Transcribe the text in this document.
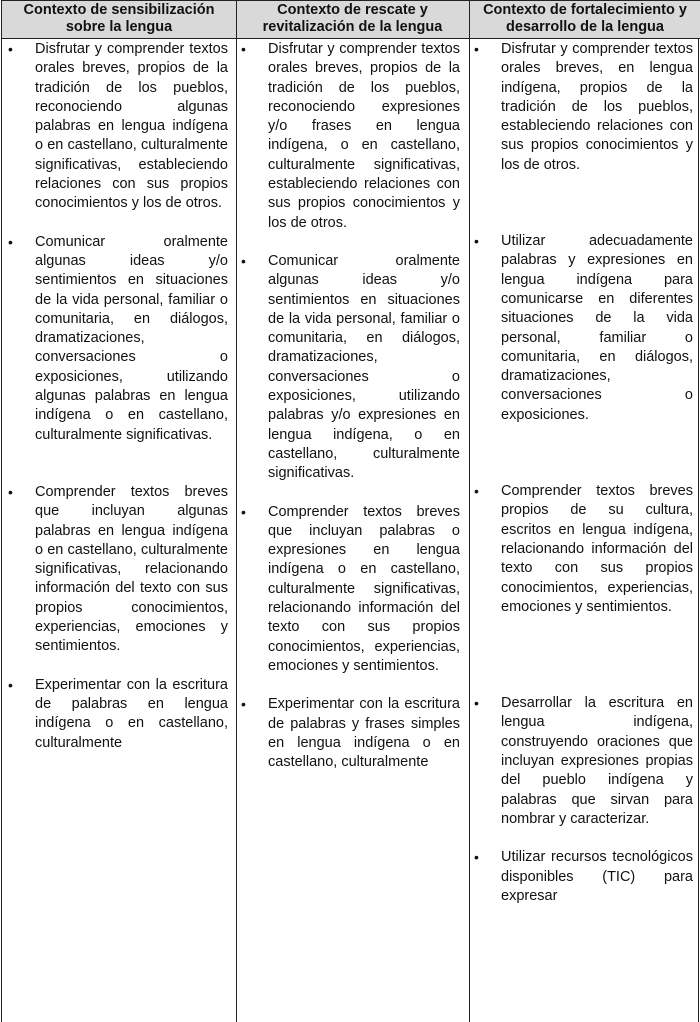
Contexto de sensibilización sobre la lengua
Contexto de rescate y revitalización de la lengua
Contexto de fortalecimiento y desarrollo de la lengua
• Disfrutar y comprender textos orales breves, propios de la tradición de los pueblos, reconociendo algunas palabras en lengua indígena o en castellano, culturalmente significativas, estableciendo relaciones con sus propios conocimientos y los de otros.
• Comunicar oralmente algunas ideas y/o sentimientos en situaciones de la vida personal, familiar o comunitaria, en diálogos, dramatizaciones, conversaciones o exposiciones, utilizando algunas palabras en lengua indígena o en castellano, culturalmente significativas.
• Comprender textos breves que incluyan algunas palabras en lengua indígena o en castellano, culturalmente significativas, relacionando información del texto con sus propios conocimientos, experiencias, emociones y sentimientos.
• Experimentar con la escritura de palabras en lengua indígena o en castellano, culturalmente
• Disfrutar y comprender textos orales breves, propios de la tradición de los pueblos, reconociendo expresiones y/o frases en lengua indígena, o en castellano, culturalmente significativas, estableciendo relaciones con sus propios conocimientos y los de otros.
• Comunicar oralmente algunas ideas y/o sentimientos en situaciones de la vida personal, familiar o comunitaria, en diálogos, dramatizaciones, conversaciones o exposiciones, utilizando palabras y/o expresiones en lengua indígena, o en castellano, culturalmente significativas.
• Comprender textos breves que incluyan palabras o expresiones en lengua indígena o en castellano, culturalmente significativas, relacionando información del texto con sus propios conocimientos, experiencias, emociones y sentimientos.
• Experimentar con la escritura de palabras y frases simples en lengua indígena o en castellano, culturalmente
• Disfrutar y comprender textos orales breves, en lengua indígena, propios de la tradición de los pueblos, estableciendo relaciones con sus propios conocimientos y los de otros.
• Utilizar adecuadamente palabras y expresiones en lengua indígena para comunicarse en diferentes situaciones de la vida personal, familiar o comunitaria, en diálogos, dramatizaciones, conversaciones o exposiciones.
• Comprender textos breves propios de su cultura, escritos en lengua indígena, relacionando información del texto con sus propios conocimientos, experiencias, emociones y sentimientos.
• Desarrollar la escritura en lengua indígena, construyendo oraciones que incluyan expresiones propias del pueblo indígena y palabras que sirvan para nombrar y caracterizar.
• Utilizar recursos tecnológicos disponibles (TIC) para expresar
